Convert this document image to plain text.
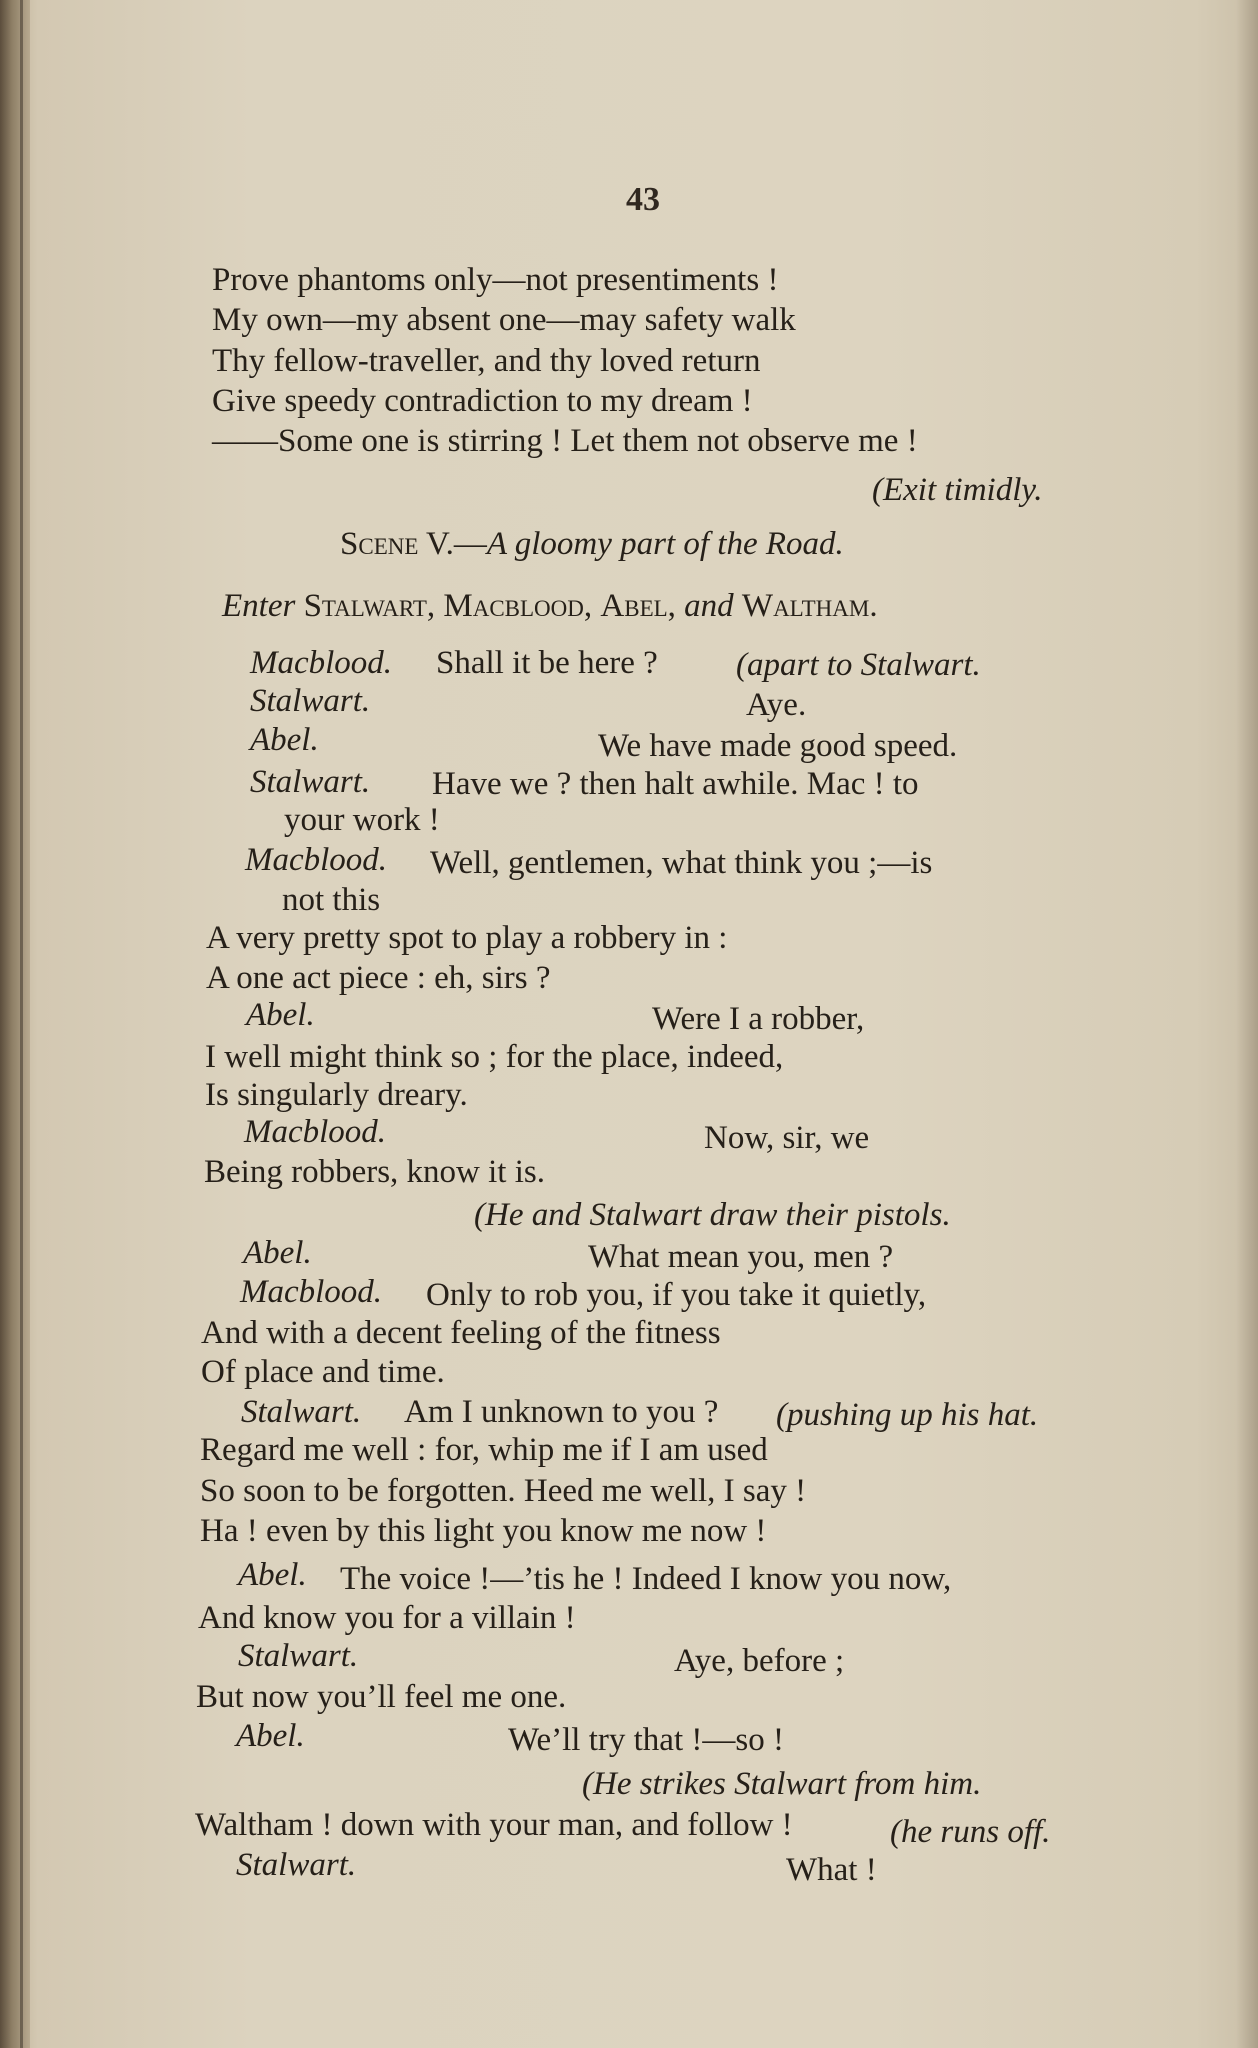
43
Prove phantoms only—not presentiments !
My own—my absent one—may safety walk
Thy fellow-traveller, and thy loved return
Give speedy contradiction to my dream !
——Some one is stirring ! Let them not observe me !
(Exit timidly.
Scene V.—A gloomy part of the Road.
Enter Stalwart, Macblood, Abel, and Waltham.
Macblood. Shall it be here ? (apart to Stalwart.
Stalwart.	Aye.
Abel.	We have made good speed.
Stalwart. Have we ? then halt awhile. Mac ! to
your work !
Macblood. Well, gentlemen, what think you ;—is
not this
A very pretty spot to play a robbery in :
A one act piece : eh, sirs ?
Abel.	Were I a robber,
I well might think so ; for the place, indeed,
Is singularly dreary.
Macblood.	Now, sir, we
Being robbers, know it is.
(He and Stalwart draw their pistols.
Abel.	What mean you, men ?
Macblood. Only to rob you, if you take it quietly,
And with a decent feeling of the fitness
Of place and time.
Stalwart. Am I unknown to you ? (pushing up his hat.
Regard me well : for, whip me if I am used
So soon to be forgotten. Heed me well, I say !
Ha ! even by this light you know me now !
Abel. The voice !—’tis he ! Indeed I know you now,
And know you for a villain !
Stalwart.	Aye, before ;
But now you’ll feel me one.
Abel.	We’ll try that !—so !
(He strikes Stalwart from him.
Waltham ! down with your man, and follow !	(he runs off.
Stalwart.	What !
